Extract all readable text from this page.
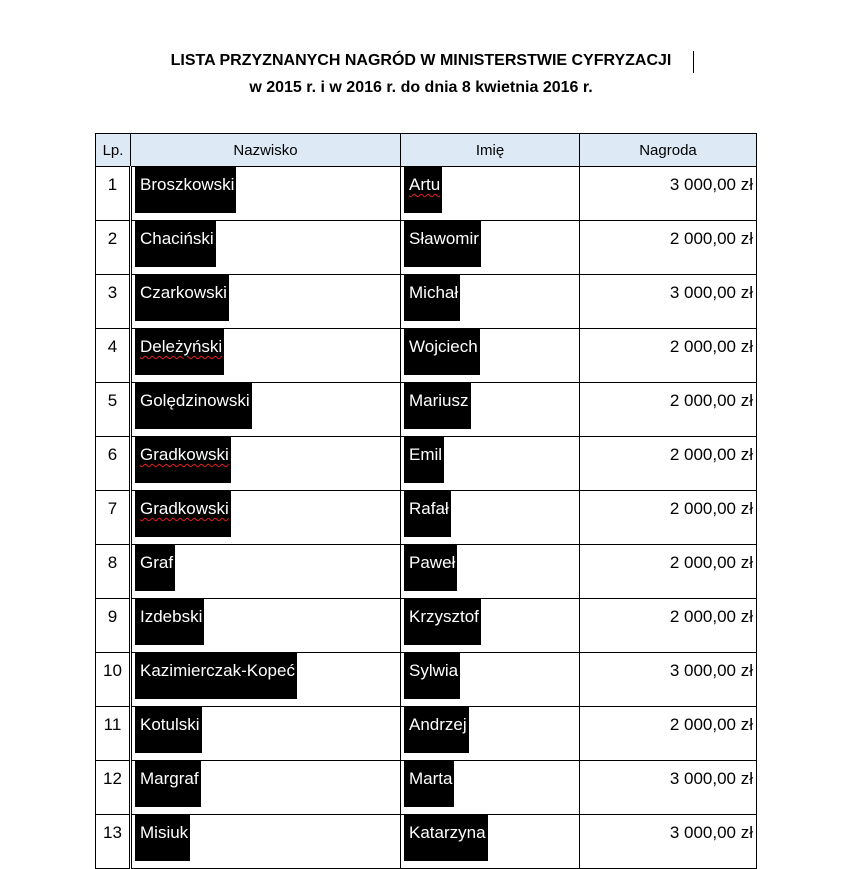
LISTA PRZYZNANYCH NAGRÓD W MINISTERSTWIE CYFRYZACJI
w 2015 r. i w 2016 r. do dnia 8 kwietnia 2016 r.
Lp.	Nazwisko	Imię	Nagroda
1	Broszkowski	Artu	3 000,00 zł
2	Chaciński	Sławomir	2 000,00 zł
3	Czarkowski	Michał	3 000,00 zł
4	Deleżyński	Wojciech	2 000,00 zł
5	Golędzinowski	Mariusz	2 000,00 zł
6	Gradkowski	Emil	2 000,00 zł
7	Gradkowski	Rafał	2 000,00 zł
8	Graf	Paweł	2 000,00 zł
9	Izdebski	Krzysztof	2 000,00 zł
10	Kazimierczak-Kopeć	Sylwia	3 000,00 zł
11	Kotulski	Andrzej	2 000,00 zł
12	Margraf	Marta	3 000,00 zł
13	Misiuk	Katarzyna	3 000,00 zł
